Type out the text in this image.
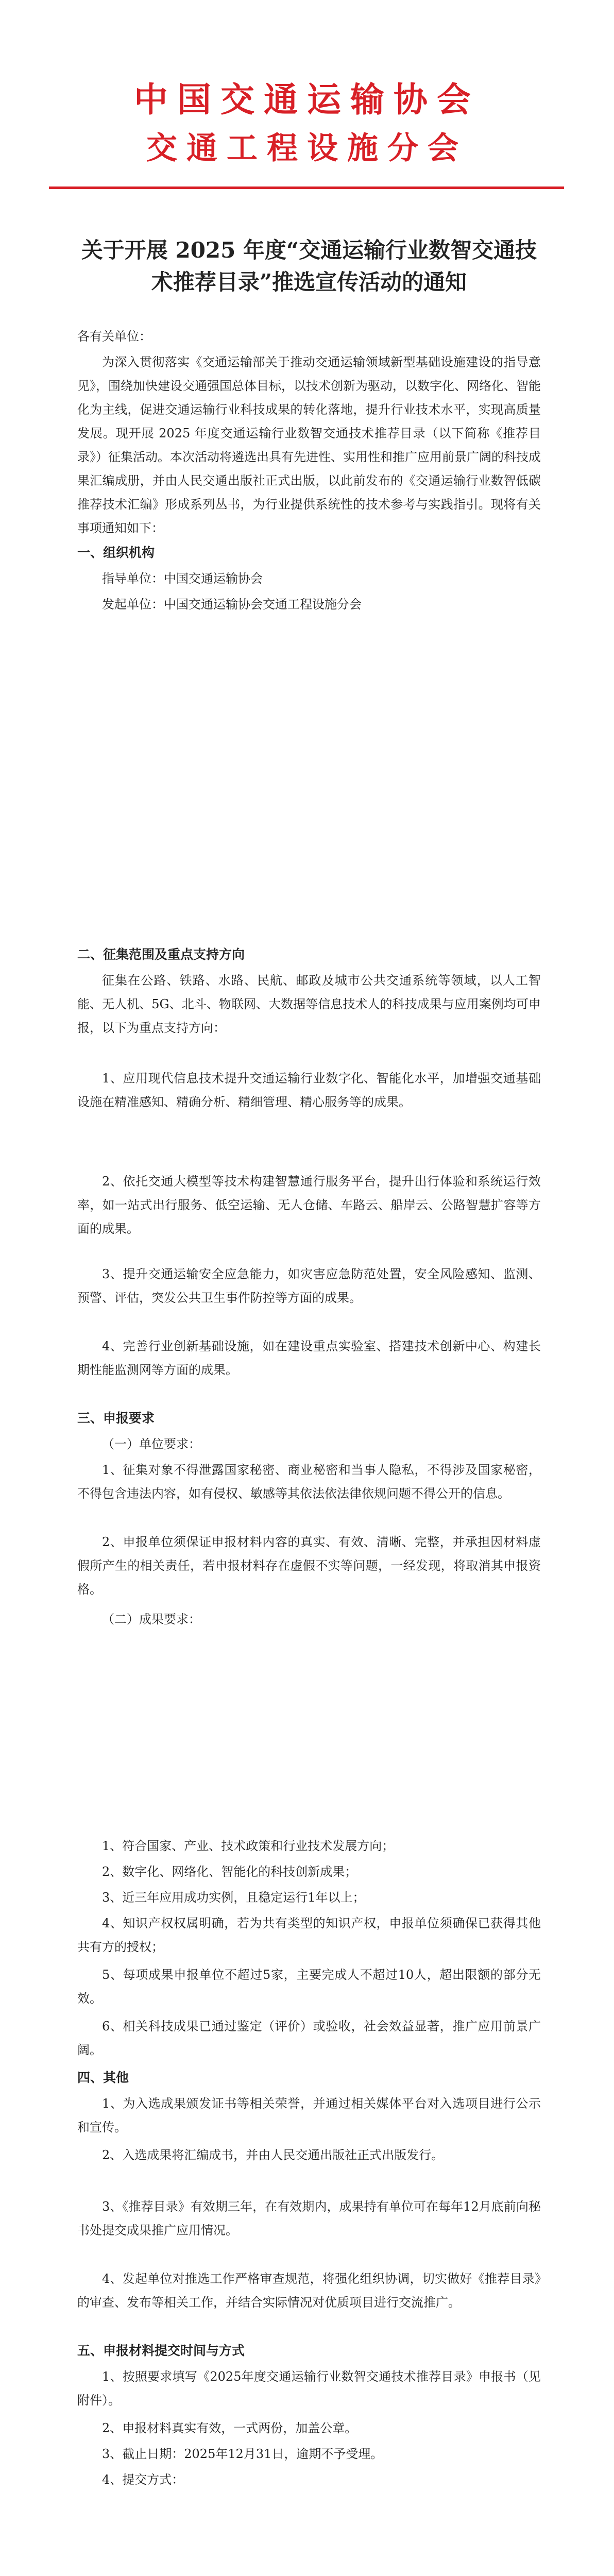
中国交通运输协会
交通工程设施分会
关于开展 2025 年度“交通运输行业数智交通技术推荐目录”推选宣传活动的通知
各有关单位：
为深入贯彻落实《交通运输部关于推动交通运输领域新型基础设施建设的指导意见》，围绕加快建设交通强国总体目标，以技术创新为驱动，以数字化、网络化、智能化为主线，促进交通运输行业科技成果的转化落地，提升行业技术水平，实现高质量发展。现开展 2025 年度交通运输行业数智交通技术推荐目录（以下简称《推荐目录》）征集活动。本次活动将遴选出具有先进性、实用性和推广应用前景广阔的科技成果汇编成册，并由人民交通出版社正式出版，以此前发布的《交通运输行业数智低碳推荐技术汇编》形成系列丛书，为行业提供系统性的技术参考与实践指引。现将有关事项通知如下：
一、组织机构
指导单位：中国交通运输协会
发起单位：中国交通运输协会交通工程设施分会
二、征集范围及重点支持方向
征集在公路、铁路、水路、民航、邮政及城市公共交通系统等领域，以人工智能、无人机、5G、北斗、物联网、大数据等信息技术人的科技成果与应用案例均可申报，以下为重点支持方向：
1、应用现代信息技术提升交通运输行业数字化、智能化水平，加增强交通基础设施在精准感知、精确分析、精细管理、精心服务等的成果。
2、依托交通大模型等技术构建智慧通行服务平台，提升出行体验和系统运行效率，如一站式出行服务、低空运输、无人仓储、车路云、船岸云、公路智慧扩容等方面的成果。
3、提升交通运输安全应急能力，如灾害应急防范处置，安全风险感知、监测、预警、评估，突发公共卫生事件防控等方面的成果。
4、完善行业创新基础设施，如在建设重点实验室、搭建技术创新中心、构建长期性能监测网等方面的成果。
三、申报要求
（一）单位要求：
1、征集对象不得泄露国家秘密、商业秘密和当事人隐私，不得涉及国家秘密，不得包含违法内容，如有侵权、敏感等其依法依法律依规问题不得公开的信息。
2、申报单位须保证申报材料内容的真实、有效、清晰、完整，并承担因材料虚假所产生的相关责任，若申报材料存在虚假不实等问题，一经发现，将取消其申报资格。
（二）成果要求：
1、符合国家、产业、技术政策和行业技术发展方向；
2、数字化、网络化、智能化的科技创新成果；
3、近三年应用成功实例，且稳定运行1年以上；
4、知识产权权属明确，若为共有类型的知识产权，申报单位须确保已获得其他共有方的授权；
5、每项成果申报单位不超过5家，主要完成人不超过10人，超出限额的部分无效。
6、相关科技成果已通过鉴定（评价）或验收，社会效益显著，推广应用前景广阔。
四、其他
1、为入选成果颁发证书等相关荣誉，并通过相关媒体平台对入选项目进行公示和宣传。
2、入选成果将汇编成书，并由人民交通出版社正式出版发行。
3、《推荐目录》有效期三年，在有效期内，成果持有单位可在每年12月底前向秘书处提交成果推广应用情况。
4、发起单位对推选工作严格审查规范，将强化组织协调，切实做好《推荐目录》的审查、发布等相关工作，并结合实际情况对优质项目进行交流推广。
五、申报材料提交时间与方式
1、按照要求填写《2025年度交通运输行业数智交通技术推荐目录》申报书（见附件）。
2、申报材料真实有效，一式两份，加盖公章。
3、截止日期：2025年12月31日，逾期不予受理。
4、提交方式：
